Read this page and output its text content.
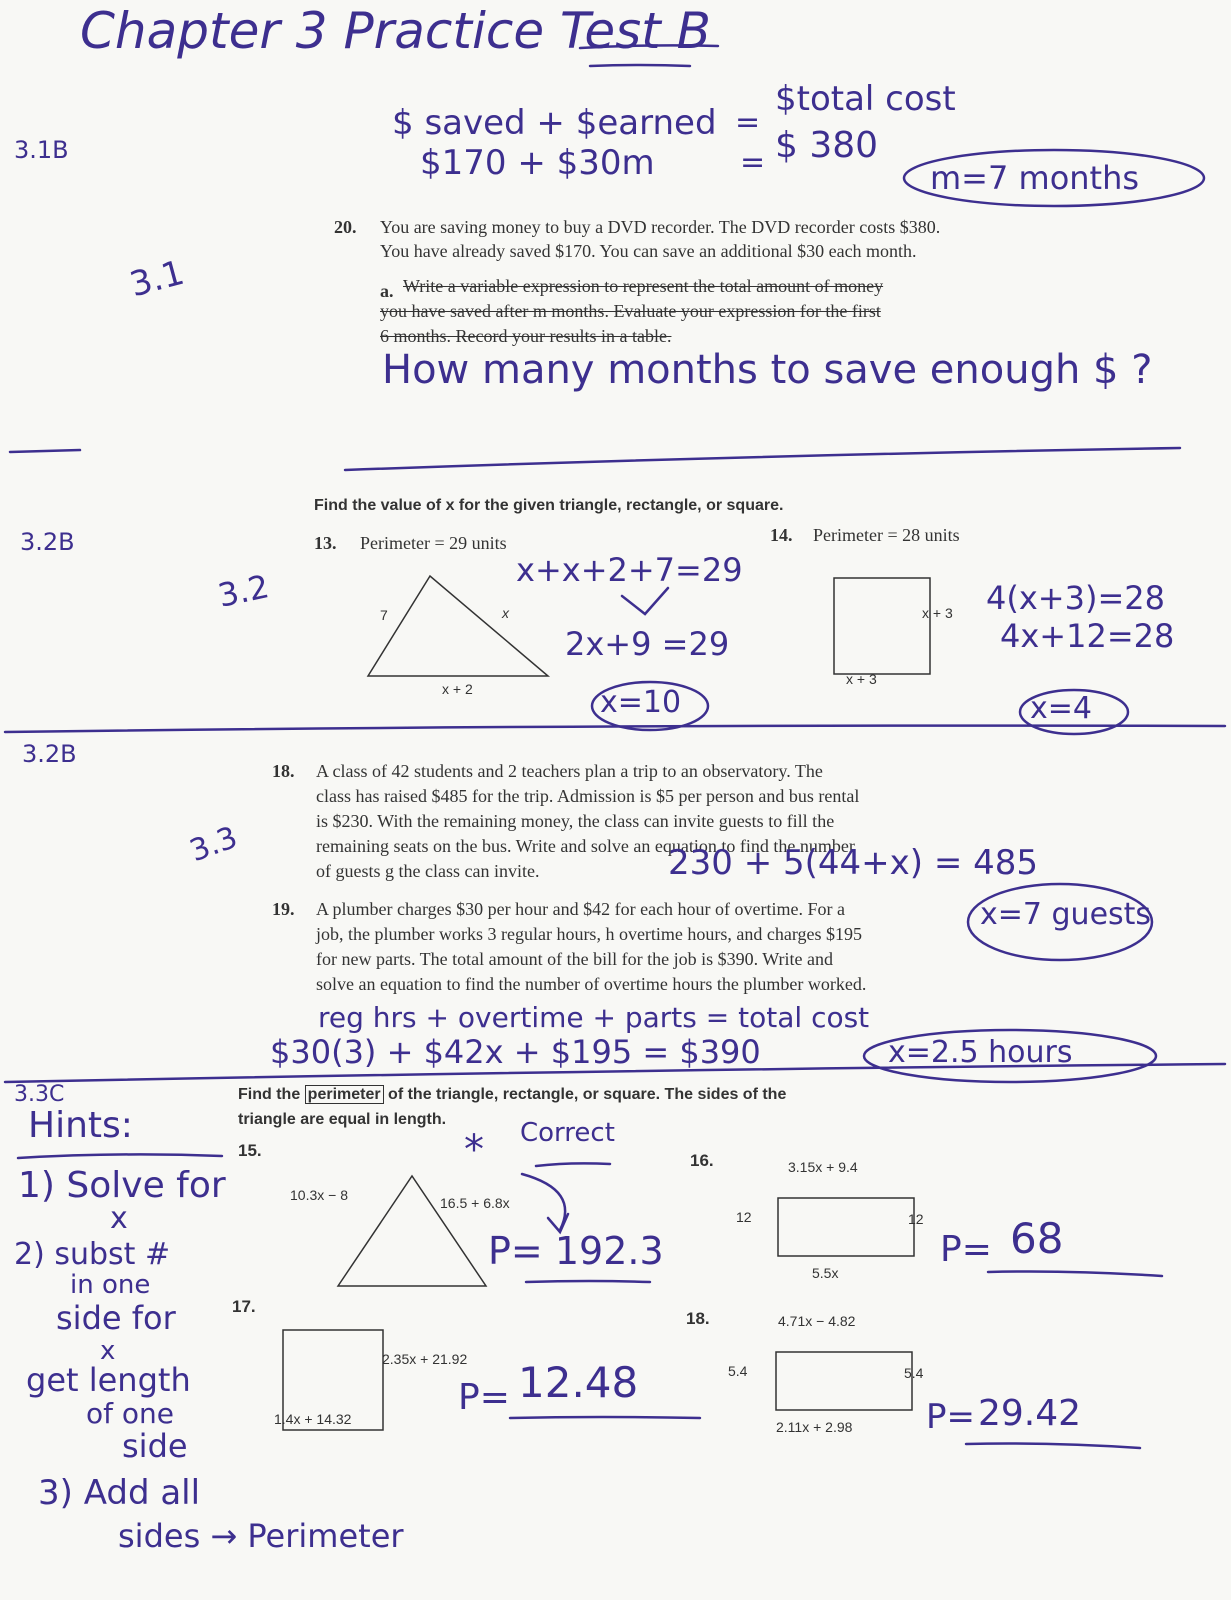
Chapter 3 Practice Test B
3.1B
3.1
$ saved + $earned =
$total cost
$170 + $30m	= $ 380
m=7 months
20. You are saving money to buy a DVD recorder. The DVD recorder costs $380.
You have already saved $170. You can save an additional $30 each month.
a. Write a variable expression to represent the total amount of money
you have saved after m months. Evaluate your expression for the first
6 months. Record your results in a table.
How many months to save enough $ ?
3.2B
3.2
Find the value of x for the given triangle, rectangle, or square.
13. Perimeter = 29 units
7	x
x + 2
x+x+2+7=29
2x+9 =29
x=10
14. Perimeter = 28 units
x + 3
x + 3
4(x+3)=28
4x+12=28
x=4
3.2B
3.3
18. A class of 42 students and 2 teachers plan a trip to an observatory. The
class has raised $485 for the trip. Admission is $5 per person and bus rental
is $230. With the remaining money, the class can invite guests to fill the
remaining seats on the bus. Write and solve an equation to find the number
of guests g the class can invite.	230 + 5(44+x) = 485
x=7 guests
19. A plumber charges $30 per hour and $42 for each hour of overtime. For a
job, the plumber works 3 regular hours, h overtime hours, and charges $195
for new parts. The total amount of the bill for the job is $390. Write and
solve an equation to find the number of overtime hours the plumber worked.
reg hrs + overtime + parts = total cost
$30(3) + $42x + $195 = $390	x=2.5 hours
3.3C
Hints:
1) Solve for
x
2) subst #
in one
side for
x
get length
of one
side
3) Add all
sides → Perimeter
Find the perimeter of the triangle, rectangle, or square. The sides of the
triangle are equal in length.
15.
10.3x − 8	16.5 + 6.8x
* Correct
P= 192.3
16.	3.15x + 9.4
12	12
5.5x
P= 68
17.
2.35x + 21.92
1.4x + 14.32
P= 12.48
18.	4.71x − 4.82
5.4	5.4
2.11x + 2.98 P= 29.42
